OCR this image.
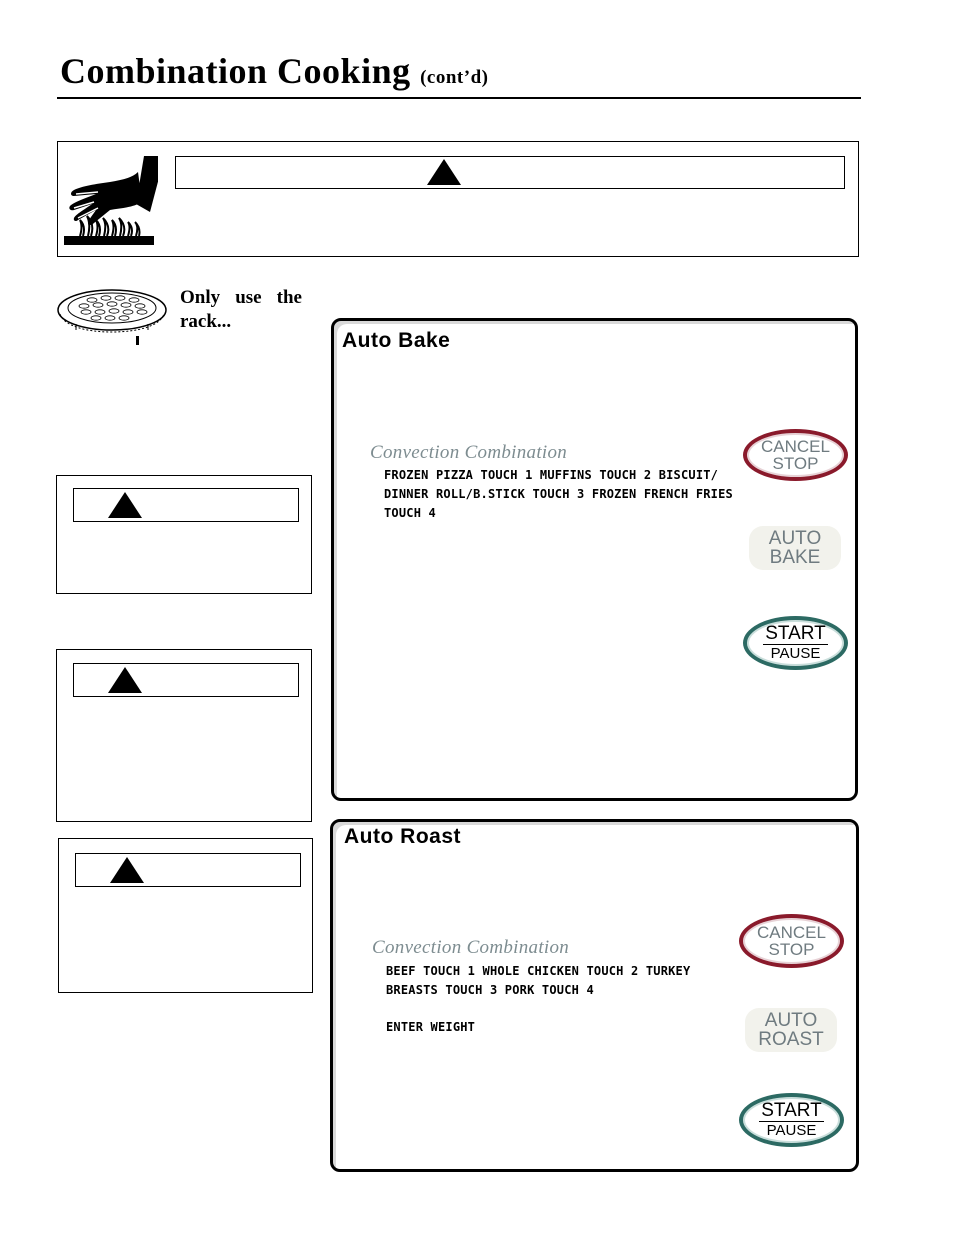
Combination Cooking (cont’d)
Only use the
rack...
Auto Bake
Convection Combination
FROZEN PIZZA TOUCH 1 MUFFINS TOUCH 2 BISCUIT/
DINNER ROLL/B.STICK TOUCH 3 FROZEN FRENCH FRIES
TOUCH 4
CANCEL
STOP
AUTO
BAKE
START
PAUSE
Auto Roast
Convection Combination
BEEF TOUCH 1 WHOLE CHICKEN TOUCH 2 TURKEY
BREASTS TOUCH 3 PORK TOUCH 4
ENTER WEIGHT
CANCEL
STOP
AUTO
ROAST
START
PAUSE
